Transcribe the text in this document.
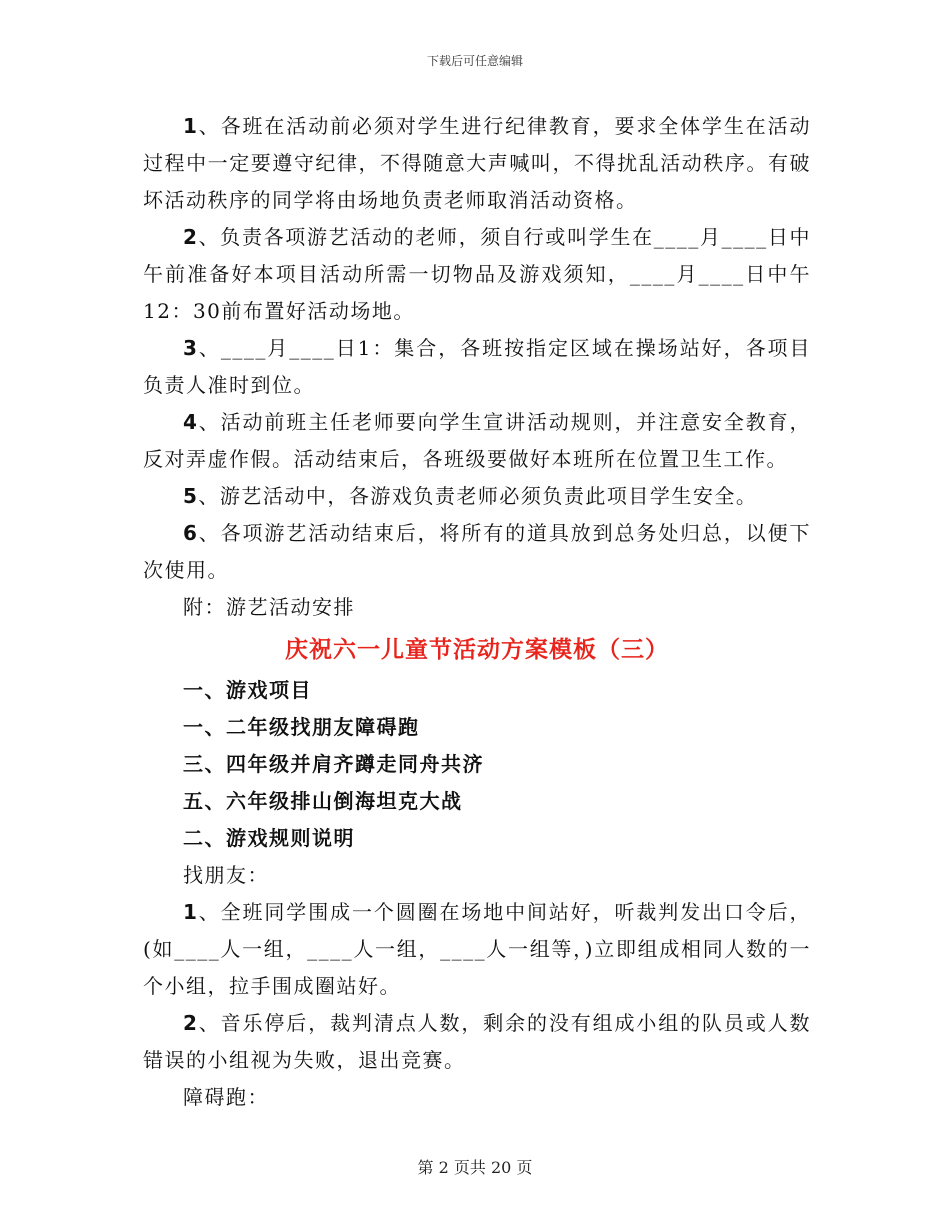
下载后可任意编辑

1、各班在活动前必须对学生进行纪律教育，要求全体学生在活动过程中一定要遵守纪律，不得随意大声喊叫，不得扰乱活动秩序。有破坏活动秩序的同学将由场地负责老师取消活动资格。

2、负责各项游艺活动的老师，须自行或叫学生在____月____日中午前准备好本项目活动所需一切物品及游戏须知，____月____日中午12：30前布置好活动场地。

3、____月____日1：集合，各班按指定区域在操场站好，各项目负责人准时到位。

4、活动前班主任老师要向学生宣讲活动规则，并注意安全教育，反对弄虚作假。活动结束后，各班级要做好本班所在位置卫生工作。

5、游艺活动中，各游戏负责老师必须负责此项目学生安全。

6、各项游艺活动结束后，将所有的道具放到总务处归总，以便下次使用。

附：游艺活动安排

庆祝六一儿童节活动方案模板（三）

一、游戏项目

一、二年级找朋友障碍跑

三、四年级并肩齐蹲走同舟共济

五、六年级排山倒海坦克大战

二、游戏规则说明

找朋友：

1、全班同学围成一个圆圈在场地中间站好，听裁判发出口令后，(如____人一组，____人一组，____人一组等，)立即组成相同人数的一个小组，拉手围成圈站好。

2、音乐停后，裁判清点人数，剩余的没有组成小组的队员或人数错误的小组视为失败，退出竞赛。

障碍跑：

第 2 页共 20 页
